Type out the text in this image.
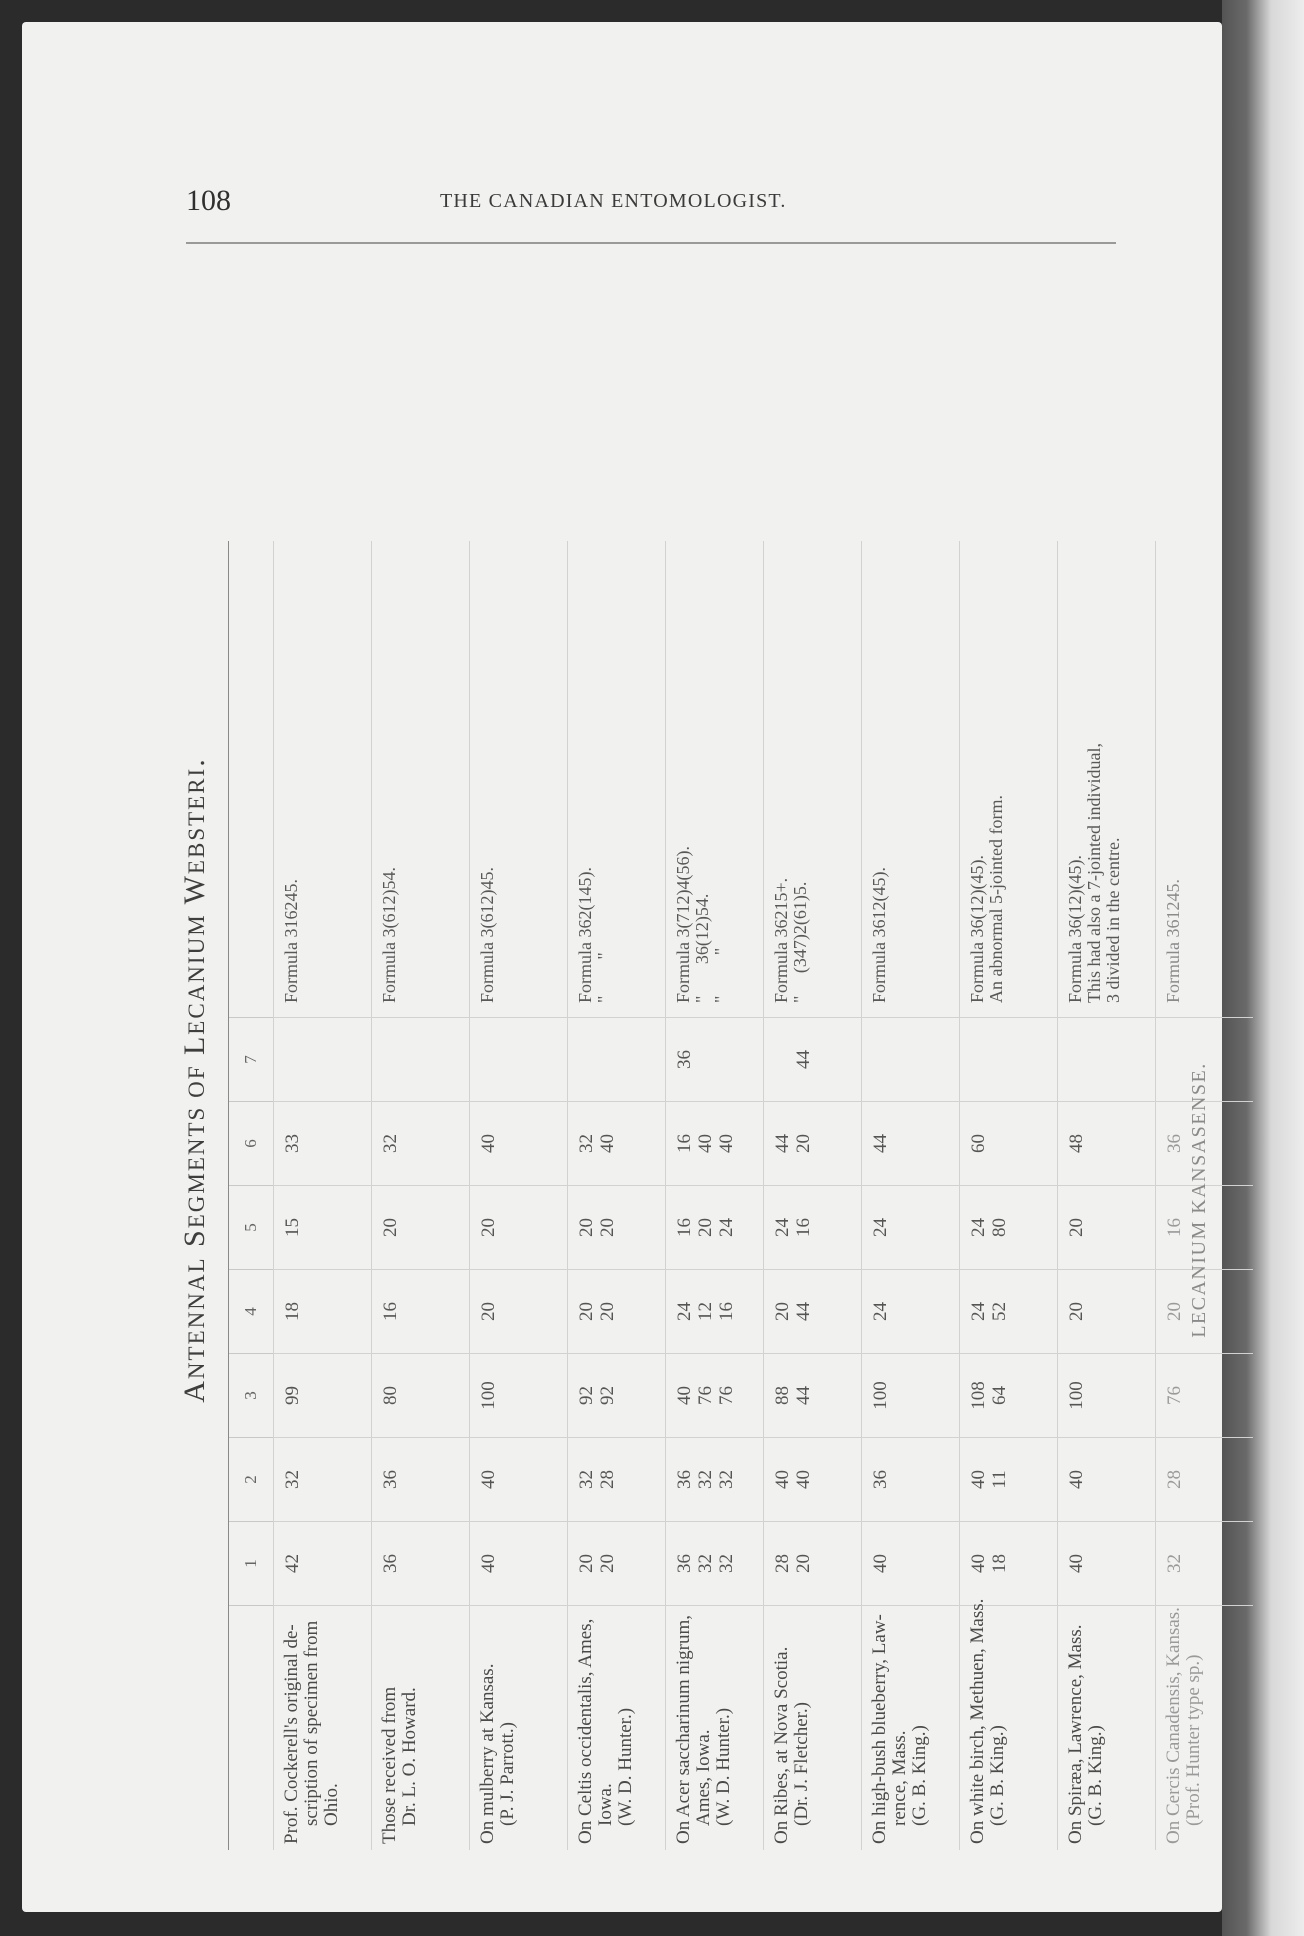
108	THE CANADIAN ENTOMOLOGIST.
ANTENNAL SEGMENTS OF LECANIUM WEBSTERI.
1
2
3
4
5
6
7
Prof. Cockerell's original de- scription of specimen from Ohio.
42
32
99
18
15
33
Formula 316245.
Those received from Dr. L. O. Howard.
36
36
80
16
20
32
Formula 3(612)54.
On mulberry at Kansas. (P. J. Parrott.)
40
40
100
20
20
40
Formula 3(612)45.
On Celtis occidentalis, Ames, Iowa. (W. D. Hunter.)
20
20
32
28
92
92
20
20
20
20
32
40
Formula 362(145). "        "
On Acer saccharinum nigrum, Ames, Iowa. (W. D. Hunter.)
36
32
32
36
32
32
40
76
76
24
12
16
16
20
24
16
40
40
36
Formula 3(712)4(56). "       36(12)54. "         "
On Ribes, at Nova Scotia. (Dr. J. Fletcher.)
28
20
40
40
88
44
20
44
24
16
44
20

44
Formula 36215+. "     (347)2(61)5.
On high-bush blueberry, Law- rence, Mass. (G. B. King.)
40
36
100
24
24
44
Formula 3612(45).
On white birch, Methuen, Mass. (G. B. King.)
40
18
40
11
108
64
24
52
24
80
60
Formula 36(12)(45). An abnormal 5-jointed form.
On Spiræa, Lawrence, Mass. (G. B. King.)
40
40
100
20
20
48
Formula 36(12)(45). This had also a 7-jointed individual, 3 divided in the centre.
On Cercis Canadensis, Kansas. (Prof. Hunter type sp.)
32
28
76
20
16
36
Formula 361245.
LECANIUM KANSASENSE.
